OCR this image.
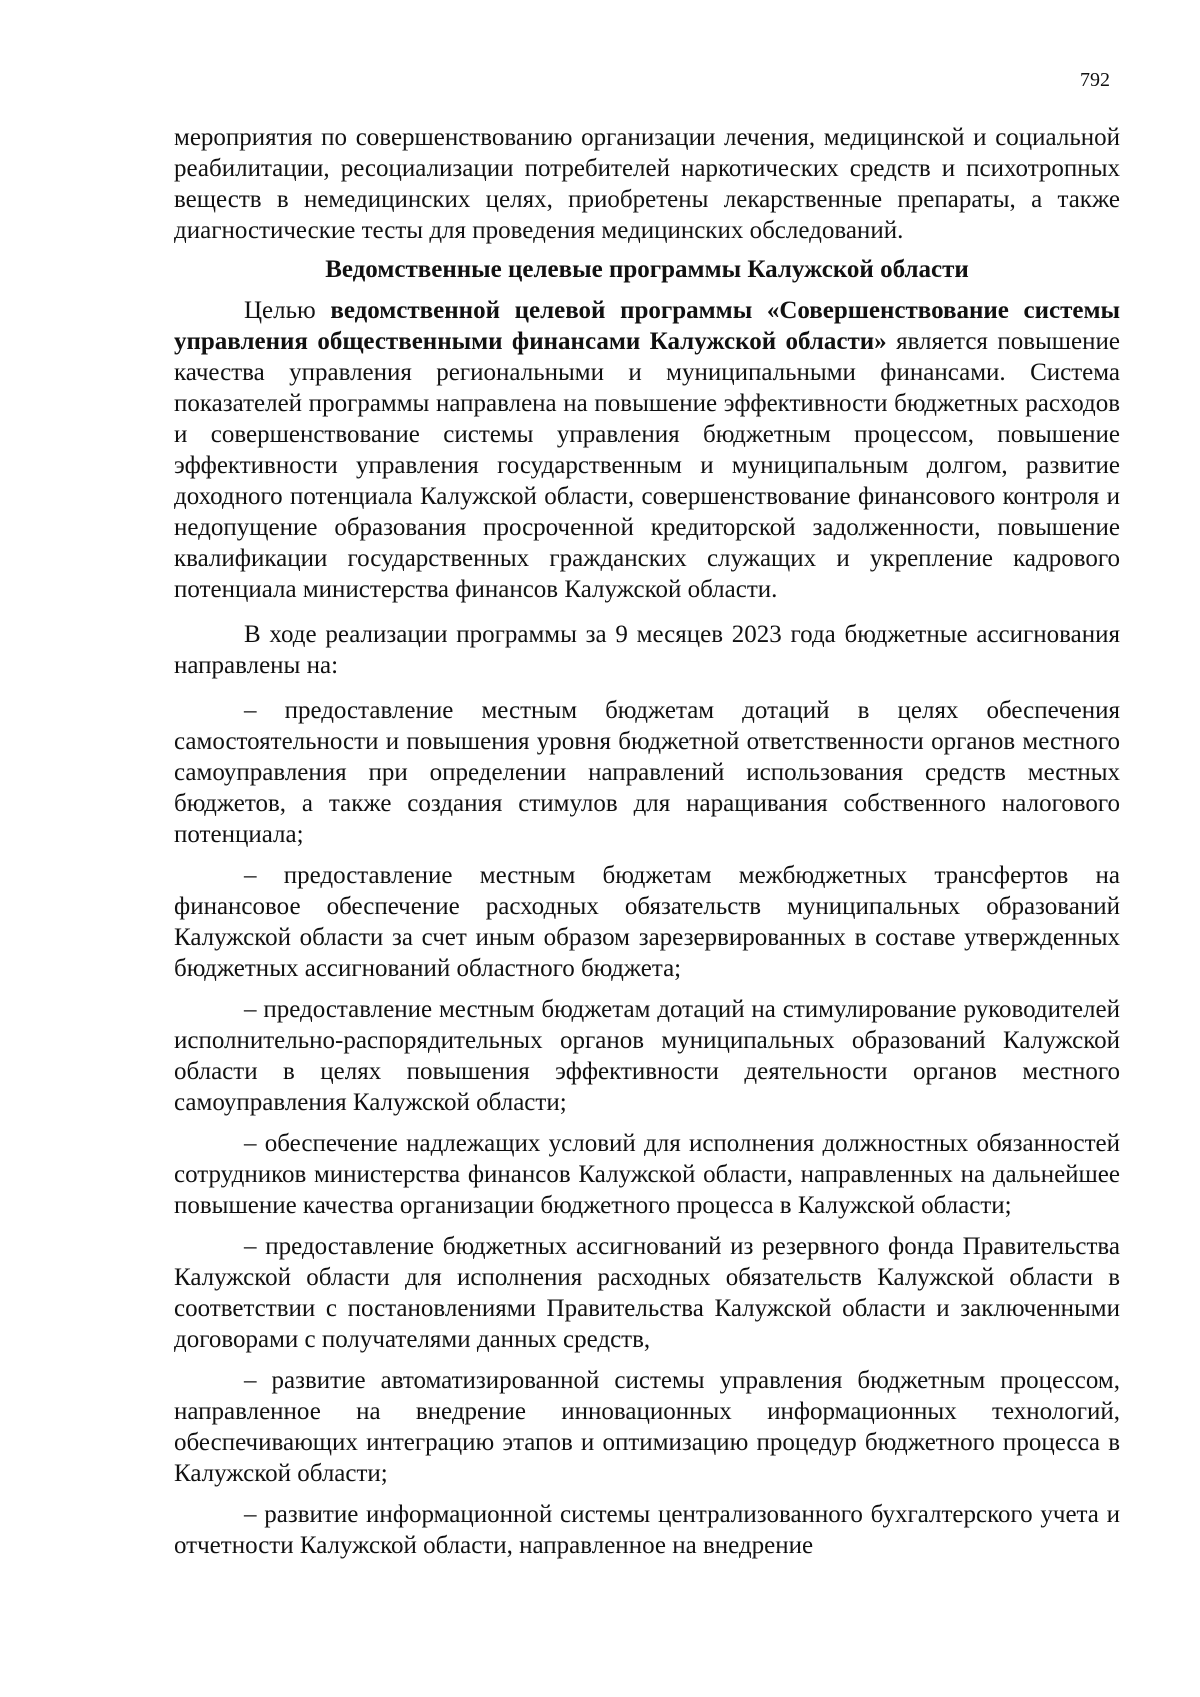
792

мероприятия по совершенствованию организации лечения, медицинской и социальной реабилитации, ресоциализации потребителей наркотических средств и психотропных веществ в немедицинских целях, приобретены лекарственные препараты, а также диагностические тесты для проведения медицинских обследований.

Ведомственные целевые программы Калужской области

Целью ведомственной целевой программы «Совершенствование системы управления общественными финансами Калужской области» является повышение качества управления региональными и муниципальными финансами. Система показателей программы направлена на повышение эффективности бюджетных расходов и совершенствование системы управления бюджетным процессом, повышение эффективности управления государственным и муниципальным долгом, развитие доходного потенциала Калужской области, совершенствование финансового контроля и недопущение образования просроченной кредиторской задолженности, повышение квалификации государственных гражданских служащих и укрепление кадрового потенциала министерства финансов Калужской области.

В ходе реализации программы за 9 месяцев 2023 года бюджетные ассигнования направлены на:

– предоставление местным бюджетам дотаций в целях обеспечения самостоятельности и повышения уровня бюджетной ответственности органов местного самоуправления при определении направлений использования средств местных бюджетов, а также создания стимулов для наращивания собственного налогового потенциала;

– предоставление местным бюджетам межбюджетных трансфертов на финансовое обеспечение расходных обязательств муниципальных образований Калужской области за счет иным образом зарезервированных в составе утвержденных бюджетных ассигнований областного бюджета;

– предоставление местным бюджетам дотаций на стимулирование руководителей исполнительно-распорядительных органов муниципальных образований Калужской области в целях повышения эффективности деятельности органов местного самоуправления Калужской области;

– обеспечение надлежащих условий для исполнения должностных обязанностей сотрудников министерства финансов Калужской области, направленных на дальнейшее повышение качества организации бюджетного процесса в Калужской области;

– предоставление бюджетных ассигнований из резервного фонда Правительства Калужской области для исполнения расходных обязательств Калужской области в соответствии с постановлениями Правительства Калужской области и заключенными договорами с получателями данных средств,

– развитие автоматизированной системы управления бюджетным процессом, направленное на внедрение инновационных информационных технологий, обеспечивающих интеграцию этапов и оптимизацию процедур бюджетного процесса в Калужской области;

– развитие информационной системы централизованного бухгалтерского учета и отчетности Калужской области, направленное на внедрение
